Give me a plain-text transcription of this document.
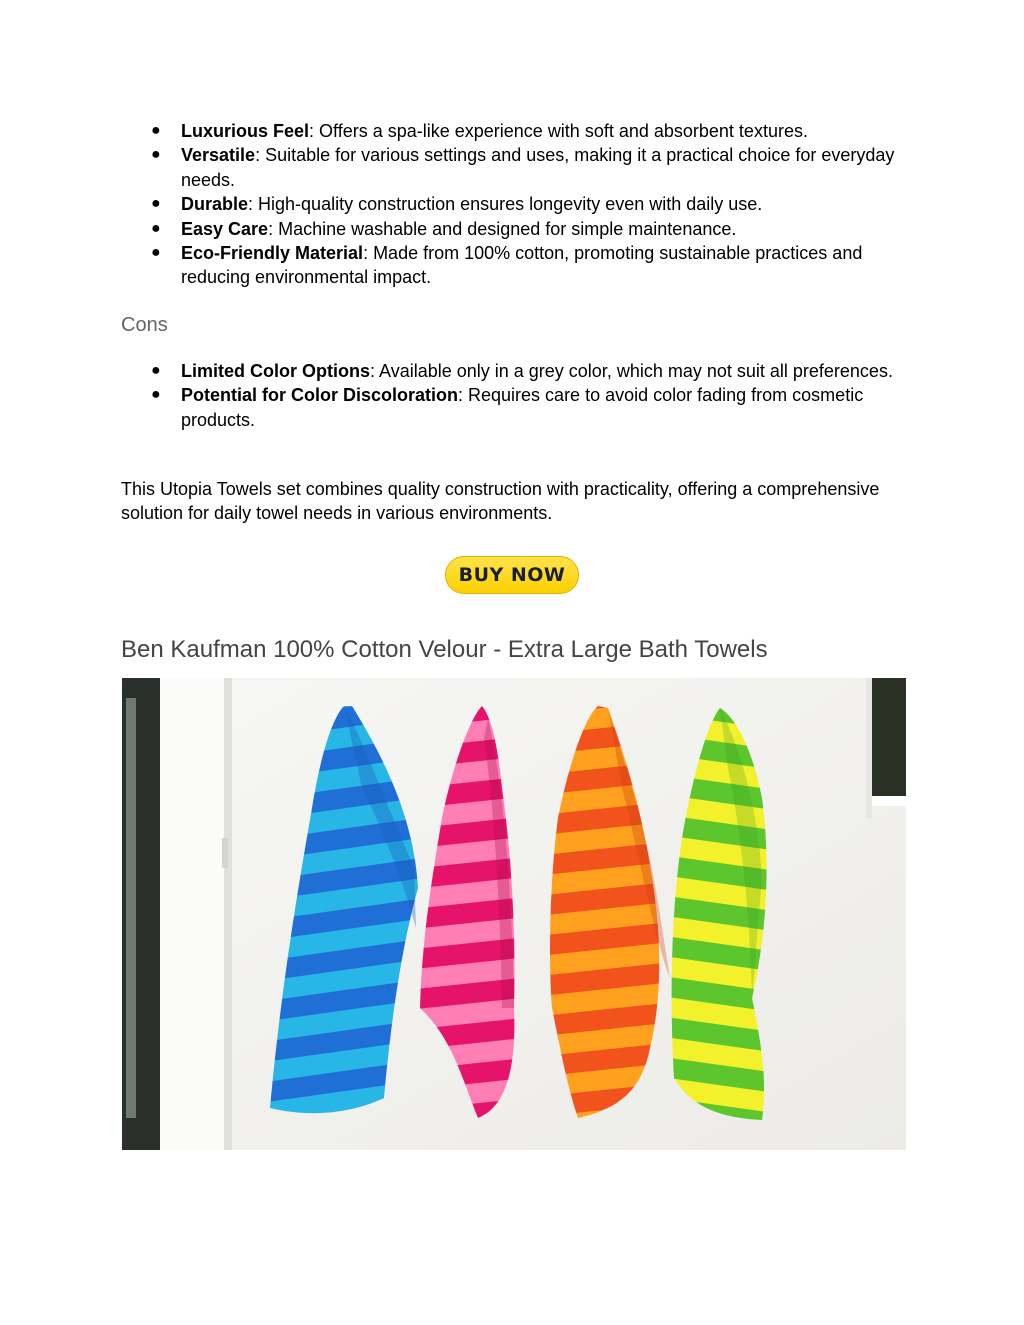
● Luxurious Feel: Offers a spa-like experience with soft and absorbent textures.
● Versatile: Suitable for various settings and uses, making it a practical choice for everyday needs.
● Durable: High-quality construction ensures longevity even with daily use.
● Easy Care: Machine washable and designed for simple maintenance.
● Eco-Friendly Material: Made from 100% cotton, promoting sustainable practices and reducing environmental impact.
Cons
● Limited Color Options: Available only in a grey color, which may not suit all preferences.
● Potential for Color Discoloration: Requires care to avoid color fading from cosmetic products.

This Utopia Towels set combines quality construction with practicality, offering a comprehensive solution for daily towel needs in various environments.

BUY NOW
Ben Kaufman 100% Cotton Velour - Extra Large Bath Towels
